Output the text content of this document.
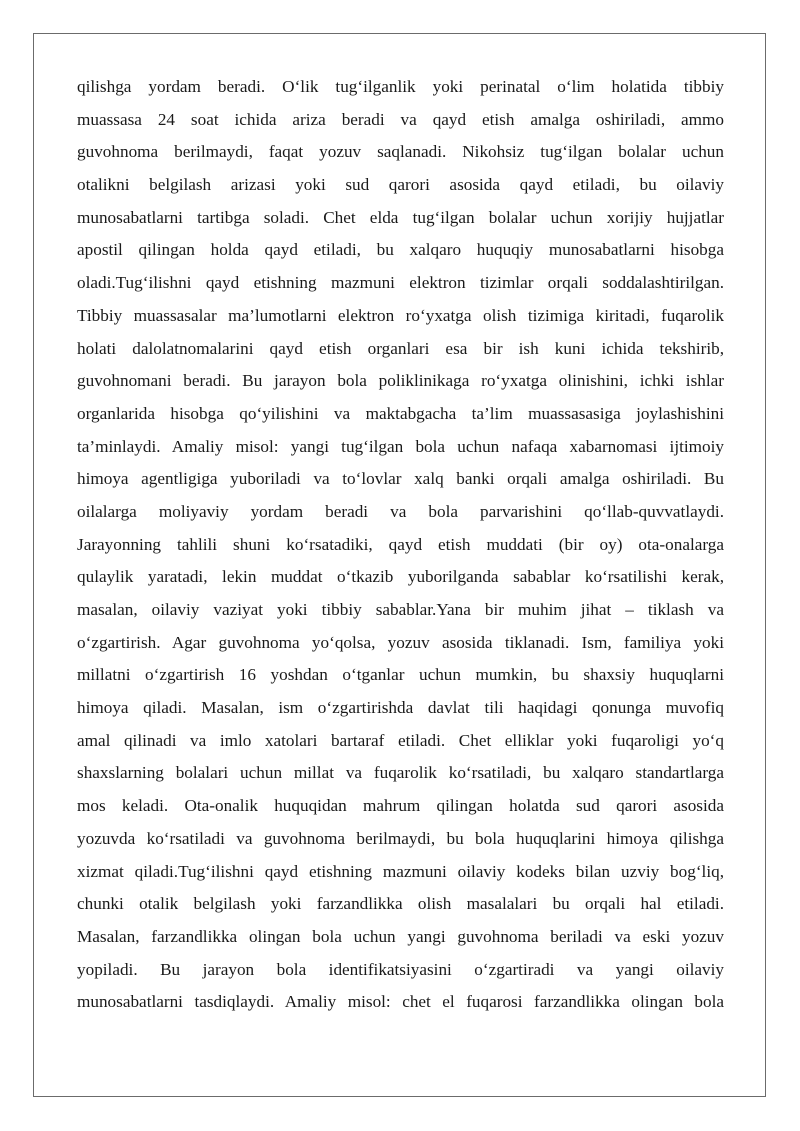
qilishga yordam beradi. O‘lik tug‘ilganlik yoki perinatal o‘lim holatida tibbiy
muassasa 24 soat ichida ariza beradi va qayd etish amalga oshiriladi, ammo
guvohnoma berilmaydi, faqat yozuv saqlanadi. Nikohsiz tug‘ilgan bolalar uchun
otalikni belgilash arizasi yoki sud qarori asosida qayd etiladi, bu oilaviy
munosabatlarni tartibga soladi. Chet elda tug‘ilgan bolalar uchun xorijiy hujjatlar
apostil qilingan holda qayd etiladi, bu xalqaro huquqiy munosabatlarni hisobga
oladi.Tug‘ilishni qayd etishning mazmuni elektron tizimlar orqali soddalashtirilgan.
Tibbiy muassasalar ma’lumotlarni elektron ro‘yxatga olish tizimiga kiritadi, fuqarolik
holati dalolatnomalarini qayd etish organlari esa bir ish kuni ichida tekshirib,
guvohnomani beradi. Bu jarayon bola poliklinikaga ro‘yxatga olinishini, ichki ishlar
organlarida hisobga qo‘yilishini va maktabgacha ta’lim muassasasiga joylashishini
ta’minlaydi. Amaliy misol: yangi tug‘ilgan bola uchun nafaqa xabarnomasi ijtimoiy
himoya agentligiga yuboriladi va to‘lovlar xalq banki orqali amalga oshiriladi. Bu
oilalarga moliyaviy yordam beradi va bola parvarishini qo‘llab-quvvatlaydi.
Jarayonning tahlili shuni ko‘rsatadiki, qayd etish muddati (bir oy) ota-onalarga
qulaylik yaratadi, lekin muddat o‘tkazib yuborilganda sabablar ko‘rsatilishi kerak,
masalan, oilaviy vaziyat yoki tibbiy sabablar.Yana bir muhim jihat – tiklash va
o‘zgartirish. Agar guvohnoma yo‘qolsa, yozuv asosida tiklanadi. Ism, familiya yoki
millatni o‘zgartirish 16 yoshdan o‘tganlar uchun mumkin, bu shaxsiy huquqlarni
himoya qiladi. Masalan, ism o‘zgartirishda davlat tili haqidagi qonunga muvofiq
amal qilinadi va imlo xatolari bartaraf etiladi. Chet elliklar yoki fuqaroligi yo‘q
shaxslarning bolalari uchun millat va fuqarolik ko‘rsatiladi, bu xalqaro standartlarga
mos keladi. Ota-onalik huquqidan mahrum qilingan holatda sud qarori asosida
yozuvda ko‘rsatiladi va guvohnoma berilmaydi, bu bola huquqlarini himoya qilishga
xizmat qiladi.Tug‘ilishni qayd etishning mazmuni oilaviy kodeks bilan uzviy bog‘liq,
chunki otalik belgilash yoki farzandlikka olish masalalari bu orqali hal etiladi.
Masalan, farzandlikka olingan bola uchun yangi guvohnoma beriladi va eski yozuv
yopiladi. Bu jarayon bola identifikatsiyasini o‘zgartiradi va yangi oilaviy
munosabatlarni tasdiqlaydi. Amaliy misol: chet el fuqarosi farzandlikka olingan bola
